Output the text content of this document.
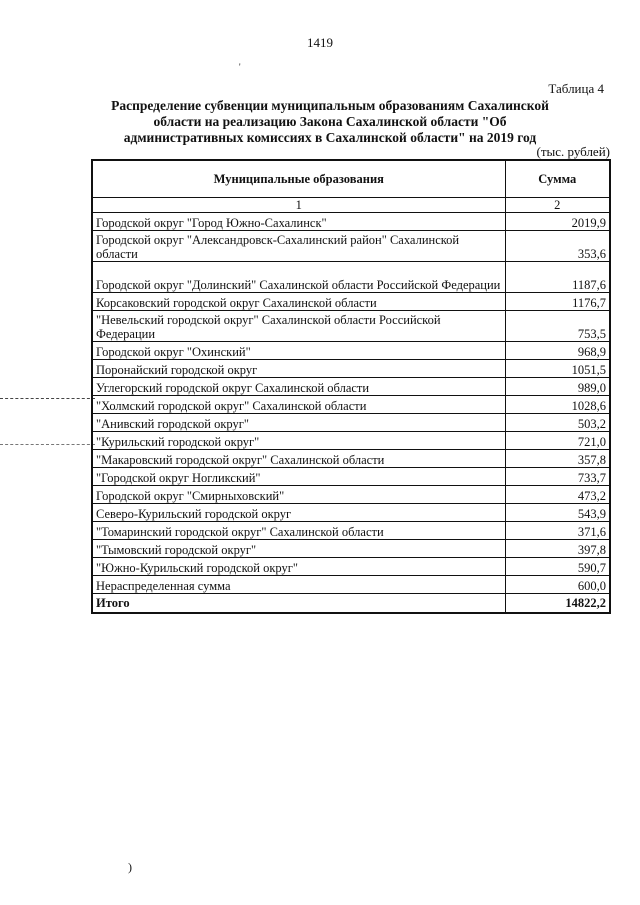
1419
'
Таблица 4
Распределение субвенции муниципальным образованиям Сахалинской области на реализацию Закона Сахалинской области "Об административных комиссиях в Сахалинской области" на 2019 год
(тыс. рублей)
)
Муниципальные образования	Сумма
1	2
Городской округ "Город Южно-Сахалинск"	2019,9
Городской округ "Александровск-Сахалинский район" Сахалинской области	353,6
Городской округ "Долинский" Сахалинской области Российской Федерации	1187,6
Корсаковский городской округ Сахалинской области	1176,7
"Невельский городской округ" Сахалинской области Российской Федерации	753,5
Городской округ "Охинский"	968,9
Поронайский городской округ	1051,5
Углегорский городской округ Сахалинской области	989,0
"Холмский городской округ" Сахалинской области	1028,6
"Анивский городской округ"	503,2
"Курильский городской округ"	721,0
"Макаровский городской округ" Сахалинской области	357,8
"Городской округ Ногликский"	733,7
Городской округ "Смирныховский"	473,2
Северо-Курильский городской округ	543,9
"Томаринский городской округ" Сахалинской области	371,6
"Тымовский городской округ"	397,8
"Южно-Курильский городской округ"	590,7
Нераспределенная сумма	600,0
Итого	14822,2
